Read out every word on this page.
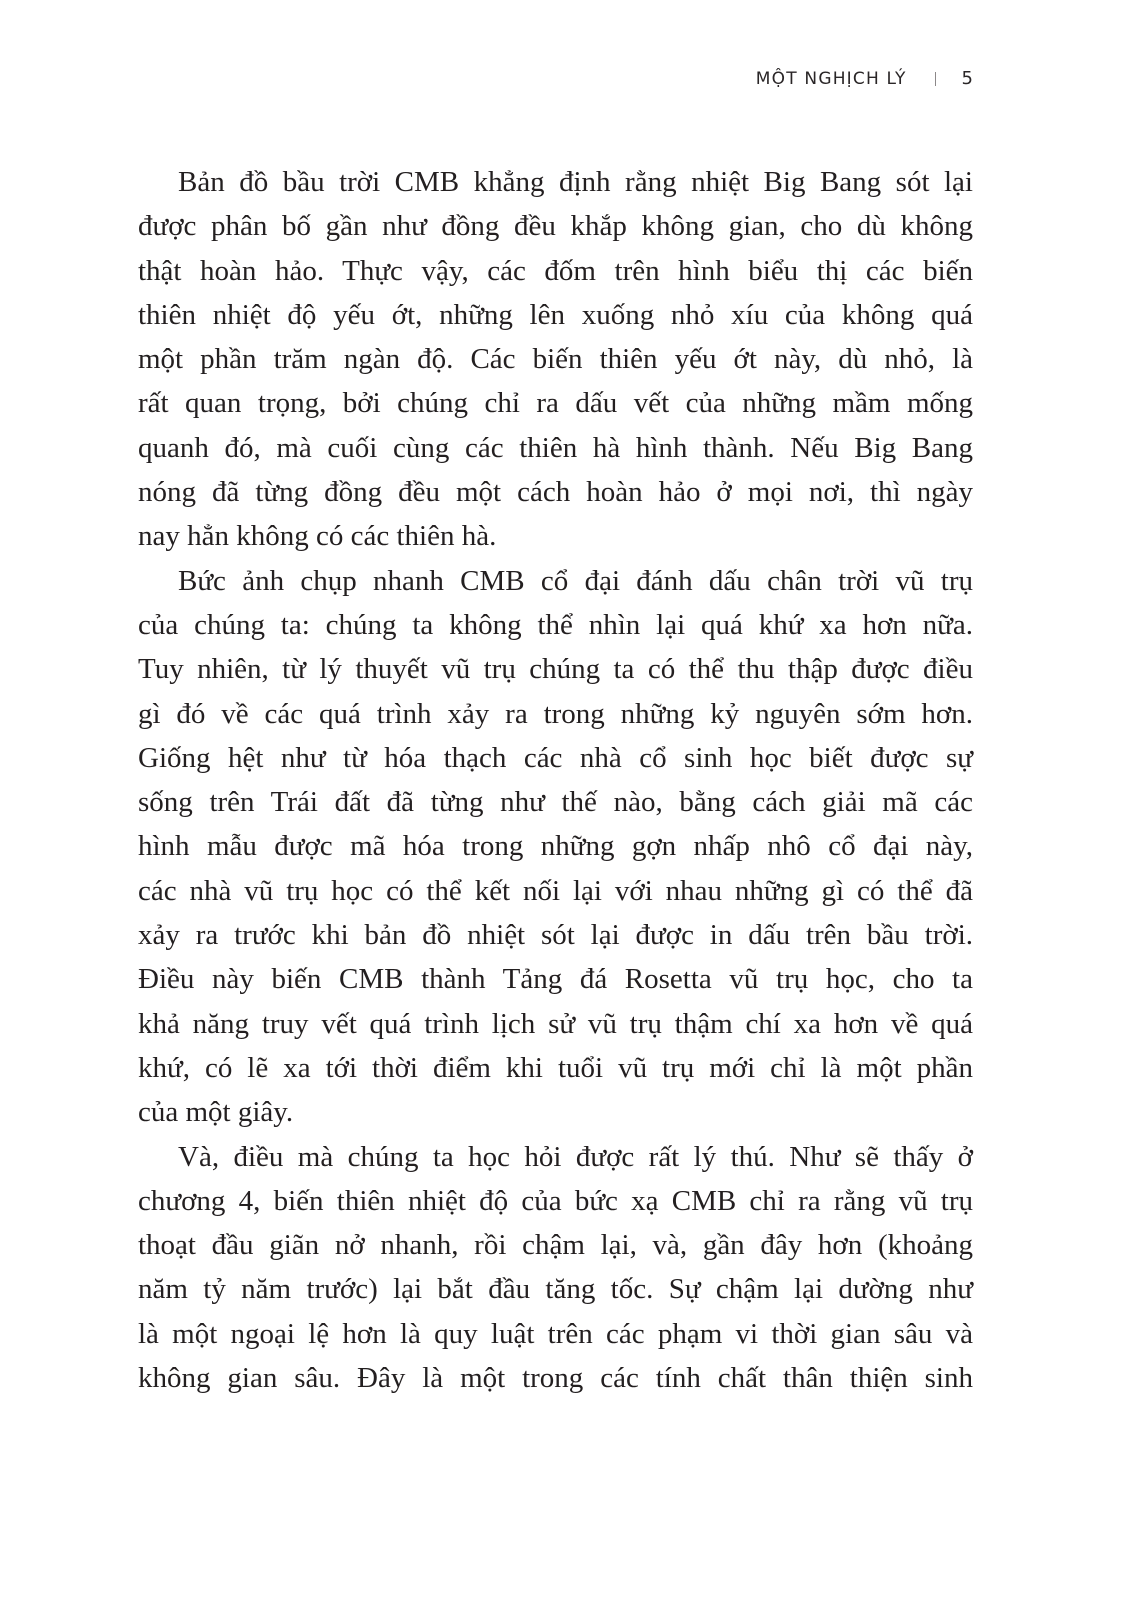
MỘT NGHỊCH LÝ	5
Bản đồ bầu trời CMB khẳng định rằng nhiệt Big Bang sót lại
được phân bố gần như đồng đều khắp không gian, cho dù không
thật hoàn hảo. Thực vậy, các đốm trên hình biểu thị các biến
thiên nhiệt độ yếu ớt, những lên xuống nhỏ xíu của không quá
một phần trăm ngàn độ. Các biến thiên yếu ớt này, dù nhỏ, là
rất quan trọng, bởi chúng chỉ ra dấu vết của những mầm mống
quanh đó, mà cuối cùng các thiên hà hình thành. Nếu Big Bang
nóng đã từng đồng đều một cách hoàn hảo ở mọi nơi, thì ngày
nay hẳn không có các thiên hà.
Bức ảnh chụp nhanh CMB cổ đại đánh dấu chân trời vũ trụ
của chúng ta: chúng ta không thể nhìn lại quá khứ xa hơn nữa.
Tuy nhiên, từ lý thuyết vũ trụ chúng ta có thể thu thập được điều
gì đó về các quá trình xảy ra trong những kỷ nguyên sớm hơn.
Giống hệt như từ hóa thạch các nhà cổ sinh học biết được sự
sống trên Trái đất đã từng như thế nào, bằng cách giải mã các
hình mẫu được mã hóa trong những gợn nhấp nhô cổ đại này,
các nhà vũ trụ học có thể kết nối lại với nhau những gì có thể đã
xảy ra trước khi bản đồ nhiệt sót lại được in dấu trên bầu trời.
Điều này biến CMB thành Tảng đá Rosetta vũ trụ học, cho ta
khả năng truy vết quá trình lịch sử vũ trụ thậm chí xa hơn về quá
khứ, có lẽ xa tới thời điểm khi tuổi vũ trụ mới chỉ là một phần
của một giây.
Và, điều mà chúng ta học hỏi được rất lý thú. Như sẽ thấy ở
chương 4, biến thiên nhiệt độ của bức xạ CMB chỉ ra rằng vũ trụ
thoạt đầu giãn nở nhanh, rồi chậm lại, và, gần đây hơn (khoảng
năm tỷ năm trước) lại bắt đầu tăng tốc. Sự chậm lại dường như
là một ngoại lệ hơn là quy luật trên các phạm vi thời gian sâu và
không gian sâu. Đây là một trong các tính chất thân thiện sinh
